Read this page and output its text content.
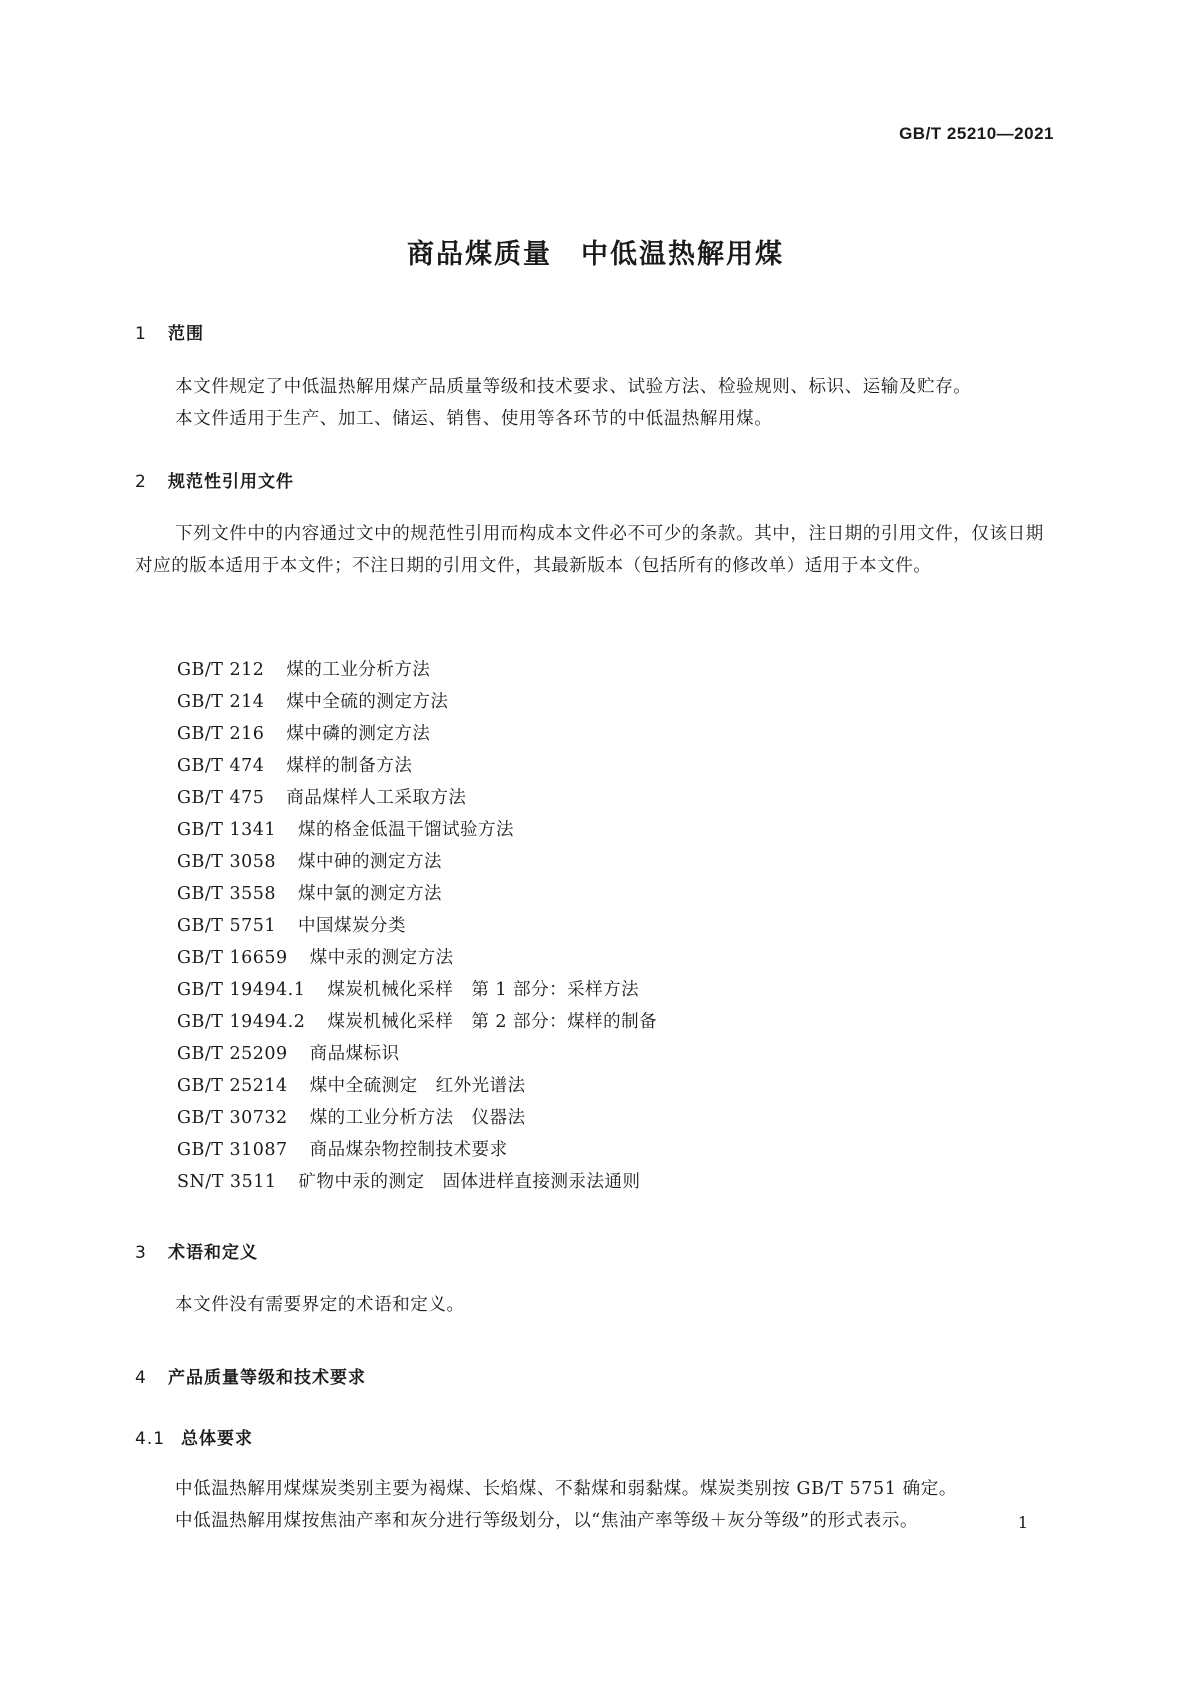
GB/T 25210—2021
商品煤质量　中低温热解用煤
1 范围
本文件规定了中低温热解用煤产品质量等级和技术要求、试验方法、检验规则、标识、运输及贮存。
本文件适用于生产、加工、储运、销售、使用等各环节的中低温热解用煤。
2 规范性引用文件
下列文件中的内容通过文中的规范性引用而构成本文件必不可少的条款。其中，注日期的引用文件，仅该日期对应的版本适用于本文件；不注日期的引用文件，其最新版本（包括所有的修改单）适用于本文件。
GB/T 212 煤的工业分析方法
GB/T 214 煤中全硫的测定方法
GB/T 216 煤中磷的测定方法
GB/T 474 煤样的制备方法
GB/T 475 商品煤样人工采取方法
GB/T 1341 煤的格金低温干馏试验方法
GB/T 3058 煤中砷的测定方法
GB/T 3558 煤中氯的测定方法
GB/T 5751 中国煤炭分类
GB/T 16659 煤中汞的测定方法
GB/T 19494.1 煤炭机械化采样　第 1 部分：采样方法
GB/T 19494.2 煤炭机械化采样　第 2 部分：煤样的制备
GB/T 25209 商品煤标识
GB/T 25214 煤中全硫测定　红外光谱法
GB/T 30732 煤的工业分析方法　仪器法
GB/T 31087 商品煤杂物控制技术要求
SN/T 3511 矿物中汞的测定　固体进样直接测汞法通则
3 术语和定义
本文件没有需要界定的术语和定义。
4 产品质量等级和技术要求
4.1 总体要求
中低温热解用煤煤炭类别主要为褐煤、长焰煤、不黏煤和弱黏煤。煤炭类别按 GB/T 5751 确定。
中低温热解用煤按焦油产率和灰分进行等级划分，以“焦油产率等级＋灰分等级”的形式表示。	1
